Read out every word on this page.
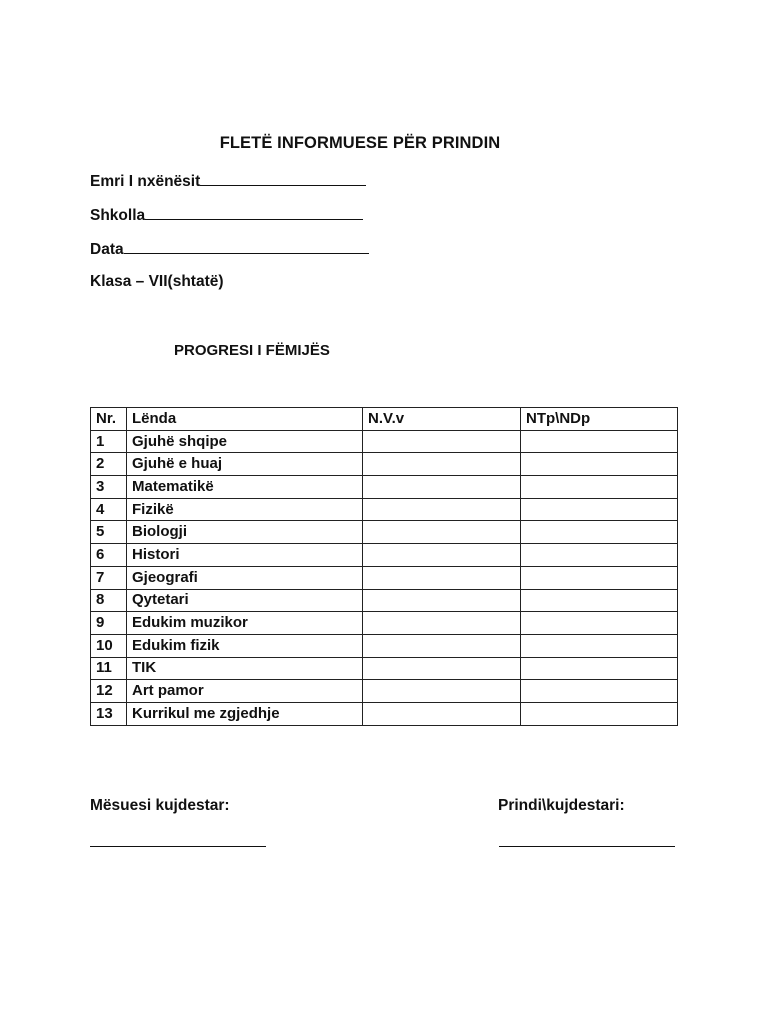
FLETË INFORMUESE PËR PRINDIN
Emri I nxënësit
Shkolla
Data
Klasa – VII(shtatë)
PROGRESI I FËMIJËS
Nr.	Lënda	N.V.v	NTp\NDp
1	Gjuhë shqipe		
2	Gjuhë e huaj		
3	Matematikë		
4	Fizikë		
5	Biologji		
6	Histori		
7	Gjeografi		
8	Qytetari		
9	Edukim muzikor		
10	Edukim fizik		
11	TIK		
12	Art pamor		
13	Kurrikul me zgjedhje		
Mësuesi kujdestar:	Prindi\kujdestari:
